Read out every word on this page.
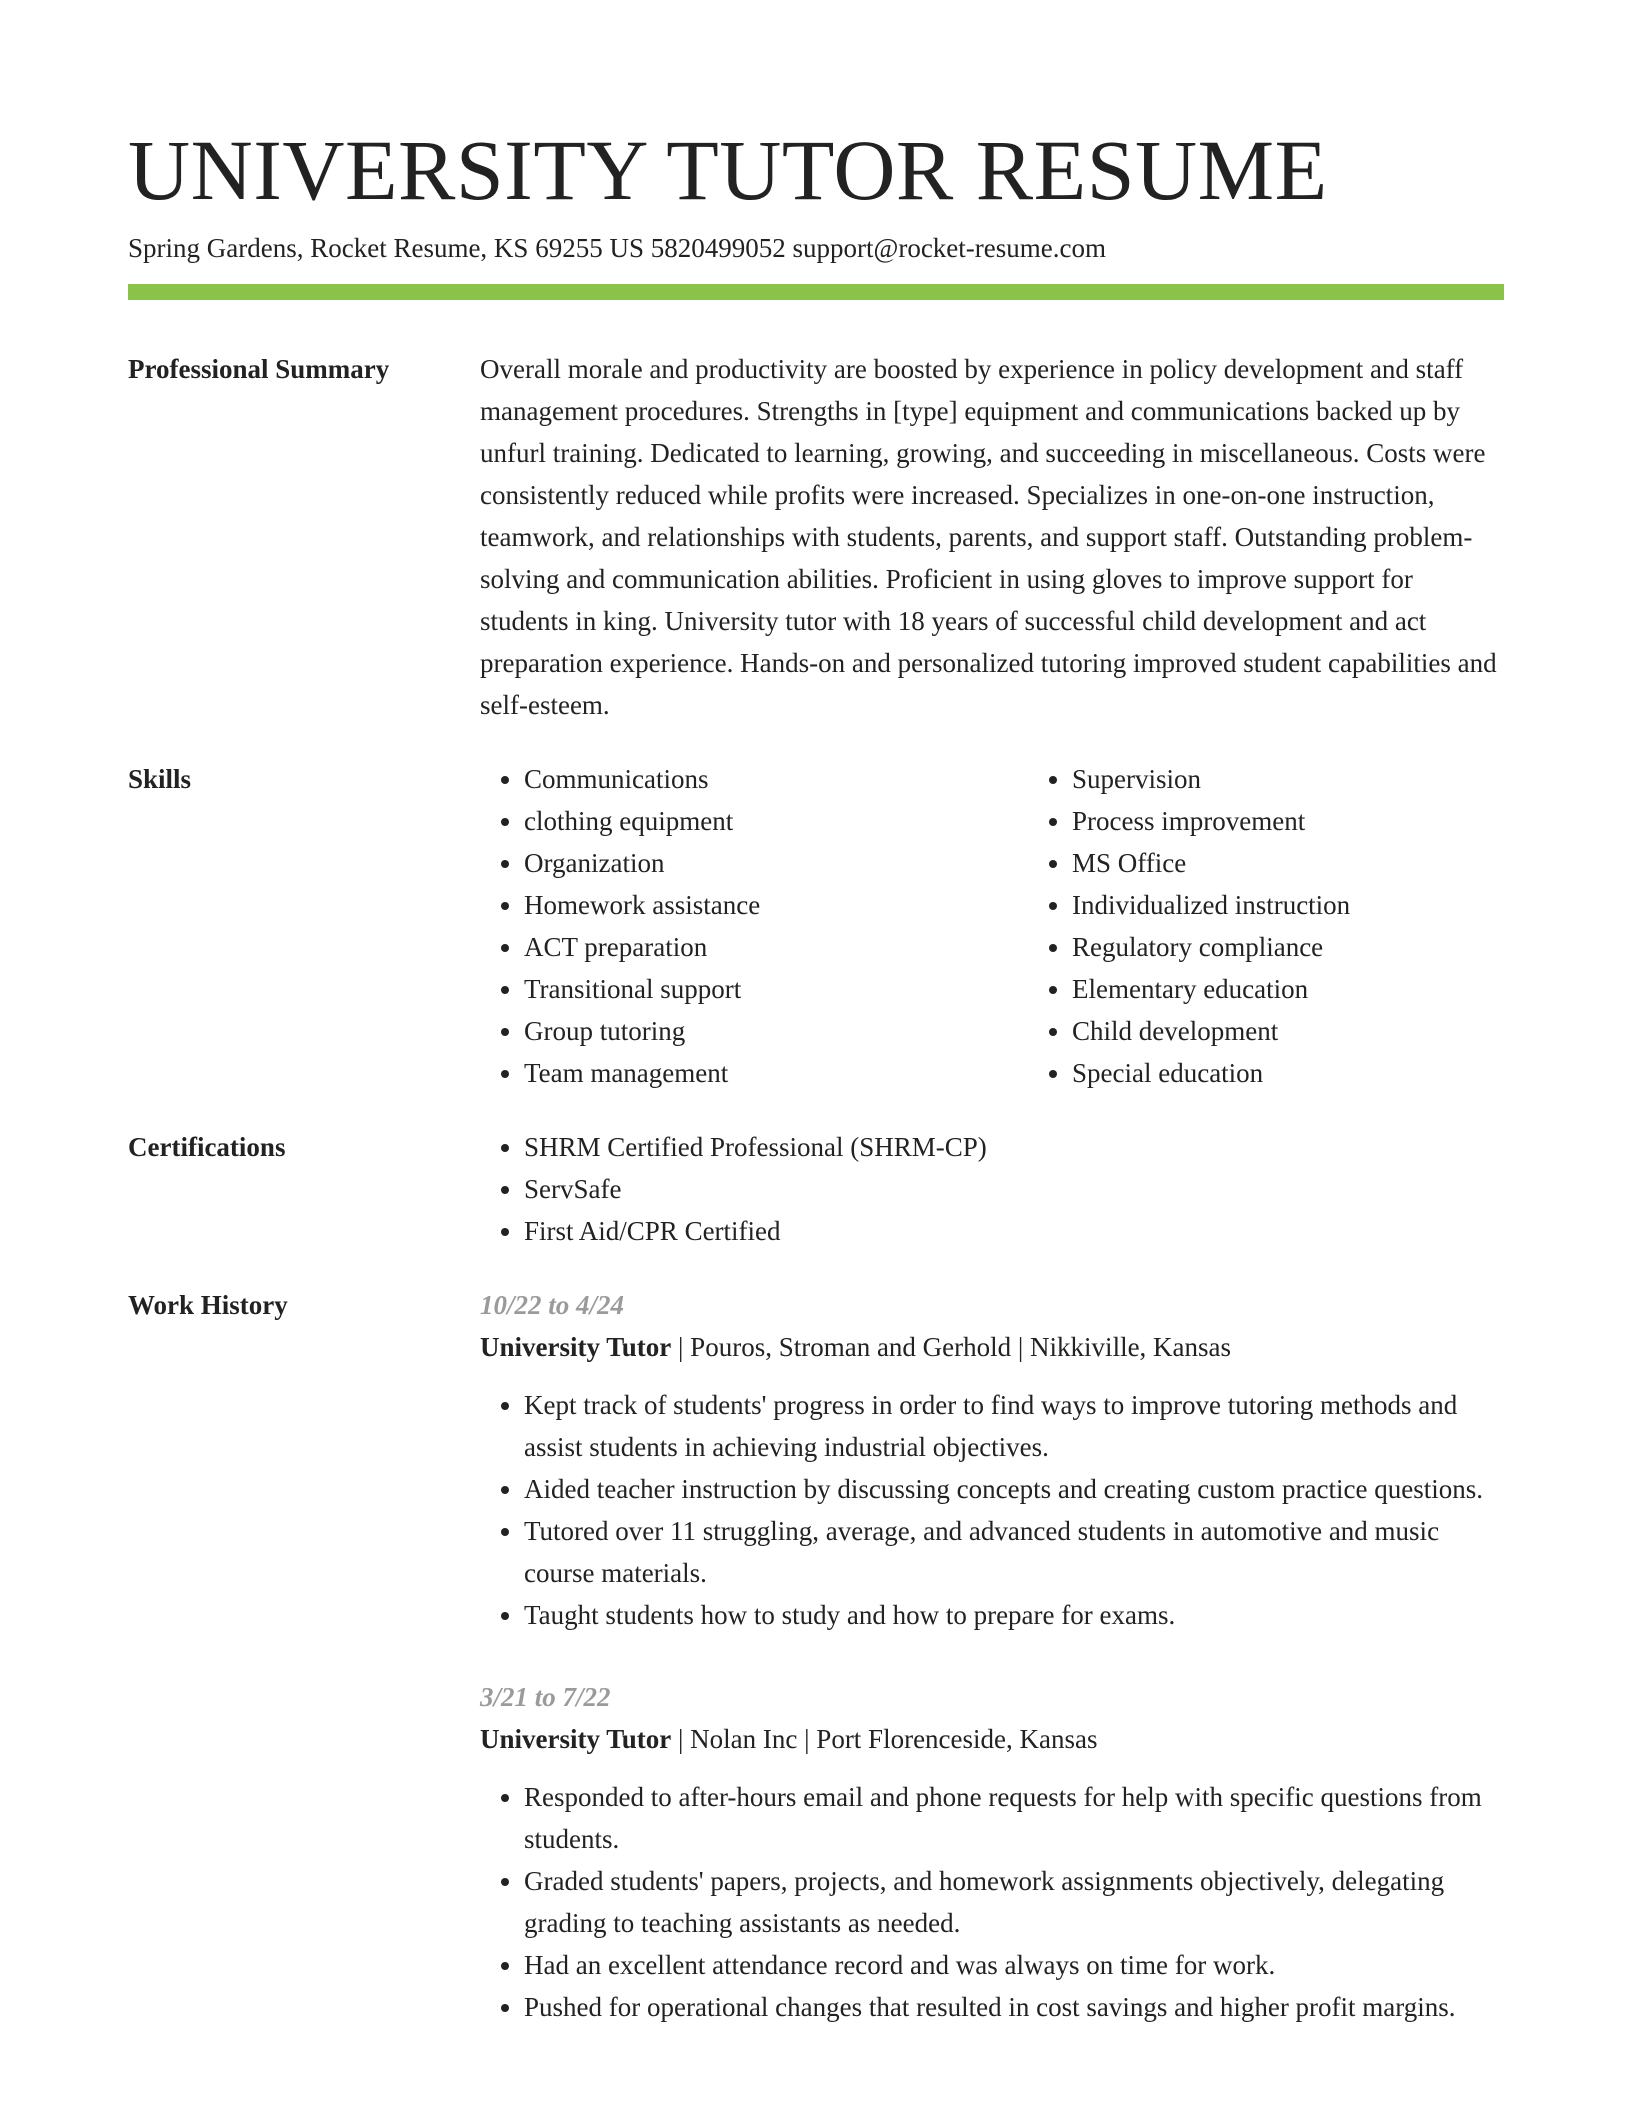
UNIVERSITY TUTOR RESUME
Spring Gardens, Rocket Resume, KS 69255 US 5820499052 support@rocket-resume.com
Professional Summary	Overall morale and productivity are boosted by experience in policy development and staff management procedures. Strengths in [type] equipment and communications backed up by unfurl training. Dedicated to learning, growing, and succeeding in miscellaneous. Costs were consistently reduced while profits were increased. Specializes in one-on-one instruction, teamwork, and relationships with students, parents, and support staff. Outstanding problem-solving and communication abilities. Proficient in using gloves to improve support for students in king. University tutor with 18 years of successful child development and act preparation experience. Hands-on and personalized tutoring improved student capabilities and self-esteem.
Skills	• Communications
• clothing equipment
• Organization
• Homework assistance
• ACT preparation
• Transitional support
• Group tutoring
• Team management
• Supervision
• Process improvement
• MS Office
• Individualized instruction
• Regulatory compliance
• Elementary education
• Child development
• Special education
Certifications	• SHRM Certified Professional (SHRM-CP)
• ServSafe
• First Aid/CPR Certified
Work History	10/22 to 4/24
University Tutor | Pouros, Stroman and Gerhold | Nikkiville, Kansas
• Kept track of students' progress in order to find ways to improve tutoring methods and assist students in achieving industrial objectives.
• Aided teacher instruction by discussing concepts and creating custom practice questions.
• Tutored over 11 struggling, average, and advanced students in automotive and music course materials.
• Taught students how to study and how to prepare for exams.
3/21 to 7/22
University Tutor | Nolan Inc | Port Florenceside, Kansas
• Responded to after-hours email and phone requests for help with specific questions from students.
• Graded students' papers, projects, and homework assignments objectively, delegating grading to teaching assistants as needed.
• Had an excellent attendance record and was always on time for work.
• Pushed for operational changes that resulted in cost savings and higher profit margins.
